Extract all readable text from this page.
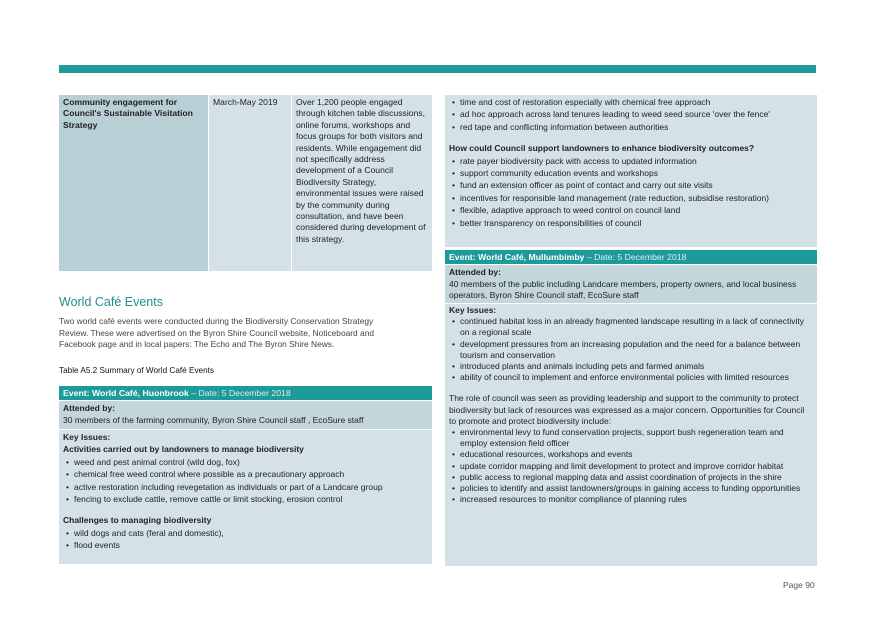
Community engagement for Council's Sustainable Visitation Strategy
March-May 2019	Over 1,200 people engaged through kitchen table discussions, online forums, workshops and focus groups for both visitors and residents. While engagement did not specifically address development of a Council Biodiversity Strategy, environmental issues were raised by the community during consultation, and have been considered during development of this strategy.
World Café Events
Two world café events were conducted during the Biodiversity Conservation Strategy Review. These were advertised on the Byron Shire Council website, Noticeboard and Facebook page and in local papers: The Echo and The Byron Shire News.
Table A5.2 Summary of World Café Events
Event: World Café, Huonbrook – Date: 5 December 2018
Attended by:
30 members of the farming community, Byron Shire Council staff , EcoSure staff
Key Issues:
Activities carried out by landowners to manage biodiversity
• weed and pest animal control (wild dog, fox)
• chemical free weed control where possible as a precautionary approach
• active restoration including revegetation as individuals or part of a Landcare group
• fencing to exclude cattle, remove cattle or limit stocking, erosion control
Challenges to managing biodiversity
• wild dogs and cats (feral and domestic),
• flood events
• time and cost of restoration especially with chemical free approach
• ad hoc approach across land tenures leading to weed seed source 'over the fence'
• red tape and conflicting information between authorities
How could Council support landowners to enhance biodiversity outcomes?
• rate payer biodiversity pack with access to updated information
• support community education events and workshops
• fund an extension officer as point of contact and carry out site visits
• incentives for responsible land management (rate reduction, subsidise restoration)
• flexible, adaptive approach to weed control on council land
• better transparency on responsibilities of council
Event: World Café, Mullumbimby – Date: 5 December 2018
Attended by:
40 members of the public including Landcare members, property owners, and local business operators, Byron Shire Council staff, EcoSure staff
Key Issues:
• continued habitat loss in an already fragmented landscape resulting in a lack of connectivity on a regional scale
• development pressures from an increasing population and the need for a balance between tourism and conservation
• introduced plants and animals including pets and farmed animals
• ability of council to implement and enforce environmental policies with limited resources
The role of council was seen as providing leadership and support to the community to protect biodiversity but lack of resources was expressed as a major concern. Opportunities for Council to promote and protect biodiversity include:
• environmental levy to fund conservation projects, support bush regeneration team and employ extension field officer
• educational resources, workshops and events
• update corridor mapping and limit development to protect and improve corridor habitat
• public access to regional mapping data and assist coordination of projects in the shire
• policies to identify and assist landowners/groups in gaining access to funding opportunities
• increased resources to monitor compliance of planning rules
Page 90
